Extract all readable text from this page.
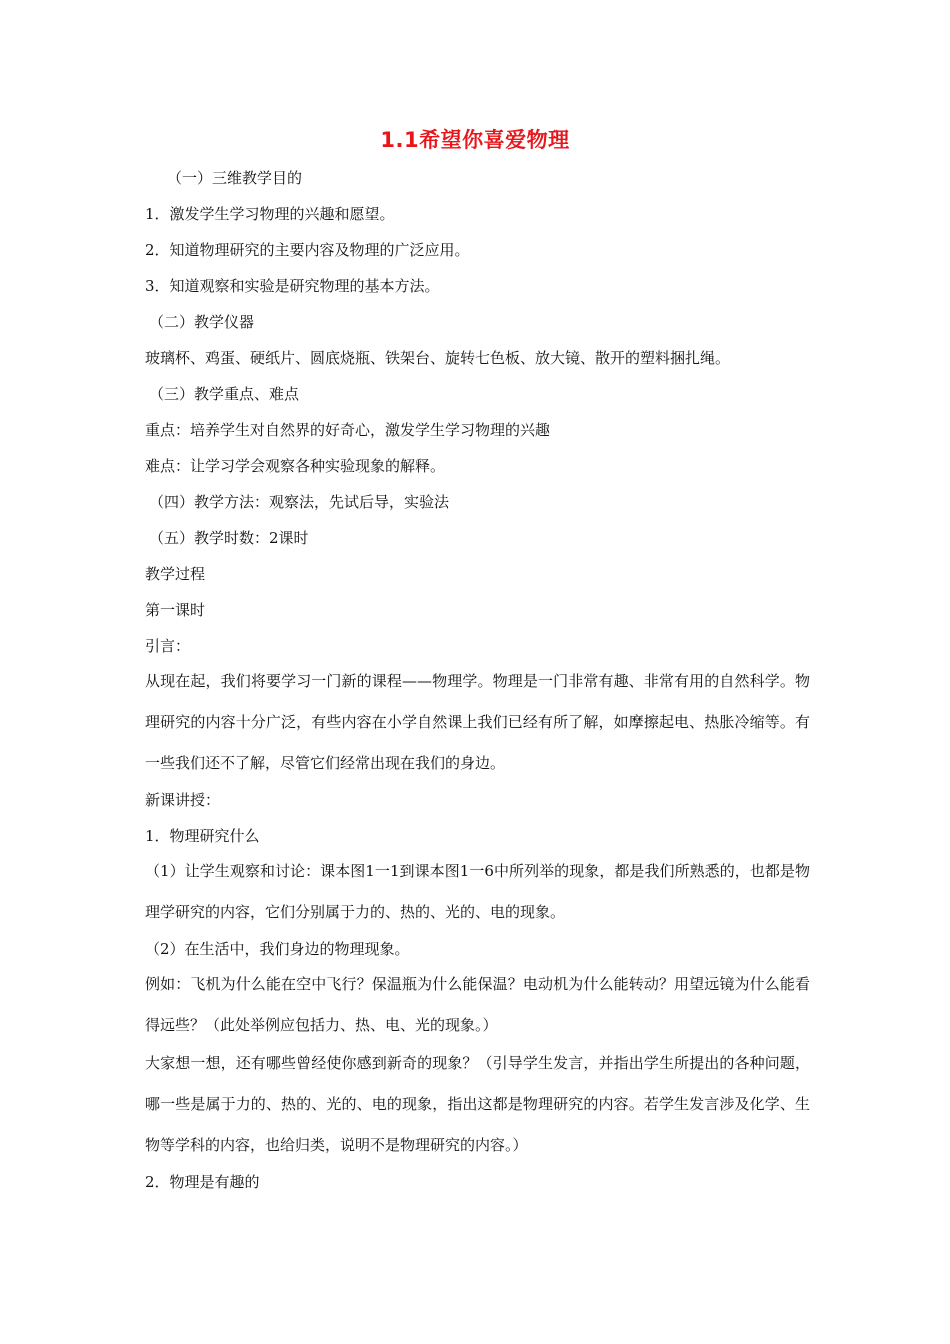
1.1希望你喜爱物理

（一）三维教学目的

1．激发学生学习物理的兴趣和愿望。

2．知道物理研究的主要内容及物理的广泛应用。

3．知道观察和实验是研究物理的基本方法。

（二）教学仪器

玻璃杯、鸡蛋、硬纸片、圆底烧瓶、铁架台、旋转七色板、放大镜、散开的塑料捆扎绳。

（三）教学重点、难点

重点：培养学生对自然界的好奇心，激发学生学习物理的兴趣

难点：让学习学会观察各种实验现象的解释。

（四）教学方法：观察法，先试后导，实验法

（五）教学时数：2课时

教学过程

第一课时

引言：

从现在起，我们将要学习一门新的课程——物理学。物理是一门非常有趣、非常有用的自然科学。物理研究的内容十分广泛，有些内容在小学自然课上我们已经有所了解，如摩擦起电、热胀冷缩等。有一些我们还不了解，尽管它们经常出现在我们的身边。

新课讲授：

1．物理研究什么

（1）让学生观察和讨论：课本图1一1到课本图1一6中所列举的现象，都是我们所熟悉的，也都是物理学研究的内容，它们分别属于力的、热的、光的、电的现象。

（2）在生活中，我们身边的物理现象。

例如：飞机为什么能在空中飞行？保温瓶为什么能保温？电动机为什么能转动？用望远镜为什么能看得远些？（此处举例应包括力、热、电、光的现象。）

大家想一想，还有哪些曾经使你感到新奇的现象？（引导学生发言，并指出学生所提出的各种问题，哪一些是属于力的、热的、光的、电的现象，指出这都是物理研究的内容。若学生发言涉及化学、生物等学科的内容，也给归类，说明不是物理研究的内容。）

2．物理是有趣的
